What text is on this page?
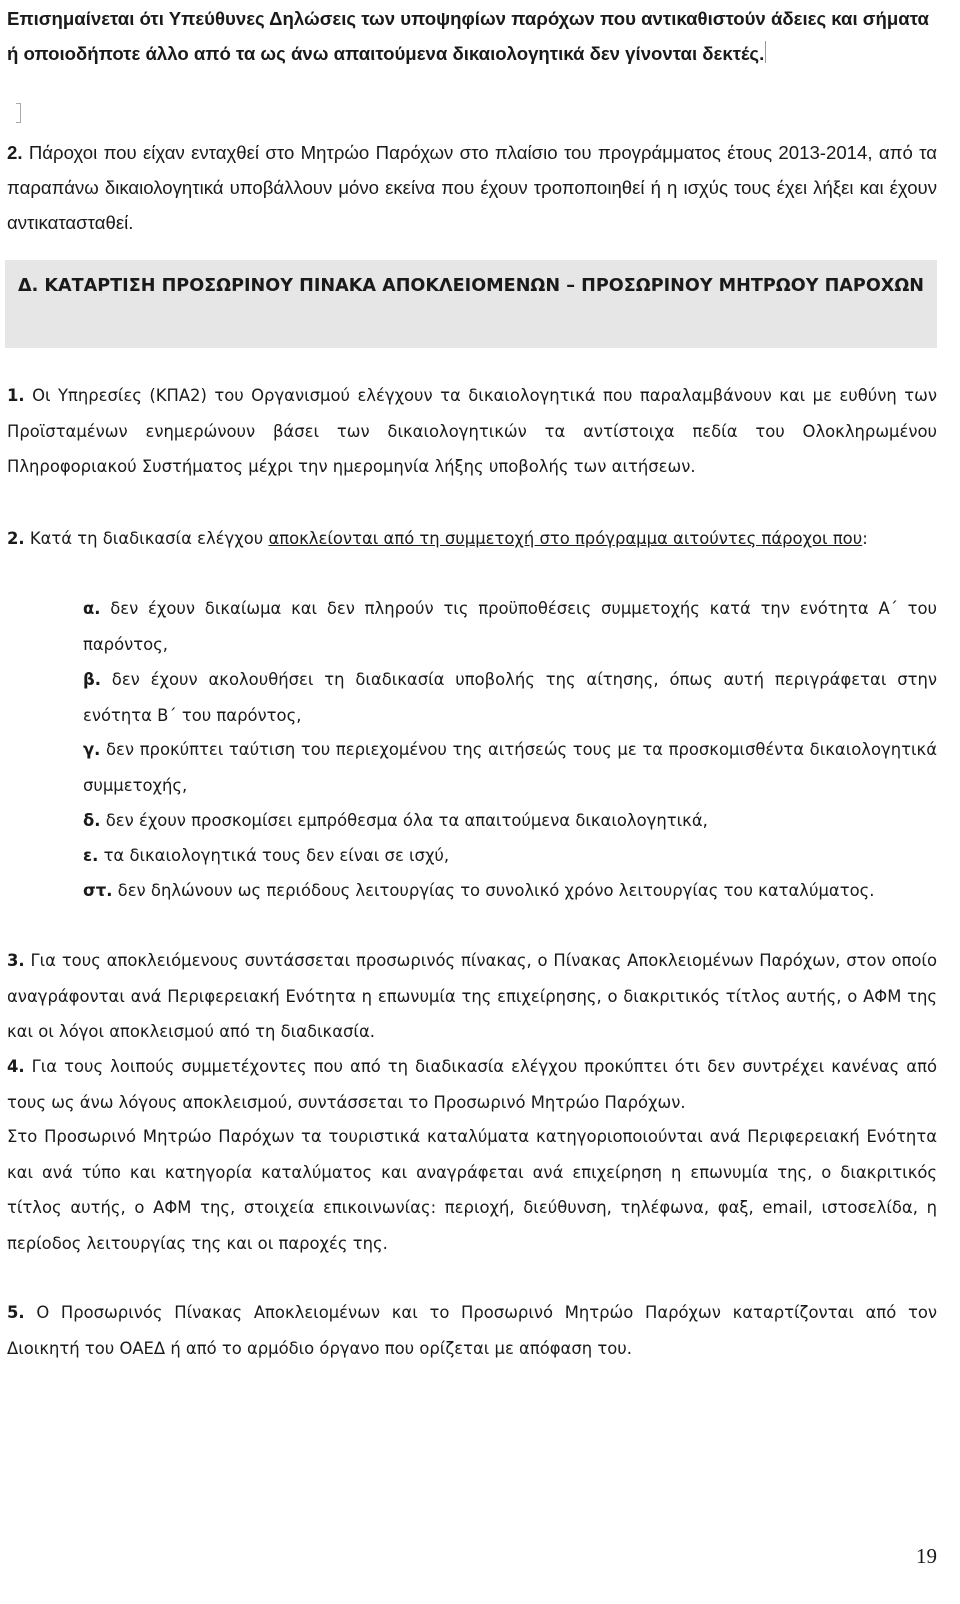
Επισημαίνεται ότι Υπεύθυνες Δηλώσεις των υποψηφίων παρόχων που αντικαθιστούν άδειες και σήματα ή οποιοδήποτε άλλο από τα ως άνω απαιτούμενα δικαιολογητικά δεν γίνονται δεκτές.

2. Πάροχοι που είχαν ενταχθεί στο Μητρώο Παρόχων στο πλαίσιο του προγράμματος έτους 2013-2014, από τα παραπάνω δικαιολογητικά υποβάλλουν μόνο εκείνα που έχουν τροποποιηθεί ή η ισχύς τους έχει λήξει και έχουν αντικατασταθεί.

Δ. ΚΑΤΑΡΤΙΣΗ ΠΡΟΣΩΡΙΝΟΥ ΠΙΝΑΚΑ ΑΠΟΚΛΕΙΟΜΕΝΩΝ – ΠΡΟΣΩΡΙΝΟΥ ΜΗΤΡΩΟΥ ΠΑΡΟΧΩΝ

1. Οι Υπηρεσίες (ΚΠΑ2) του Οργανισμού ελέγχουν τα δικαιολογητικά που παραλαμβάνουν και με ευθύνη των Προϊσταμένων ενημερώνουν βάσει των δικαιολογητικών τα αντίστοιχα πεδία του Ολοκληρωμένου Πληροφοριακού Συστήματος μέχρι την ημερομηνία λήξης υποβολής των αιτήσεων.

2. Κατά τη διαδικασία ελέγχου αποκλείονται από τη συμμετοχή στο πρόγραμμα αιτούντες πάροχοι που:

α. δεν έχουν δικαίωμα και δεν πληρούν τις προϋποθέσεις συμμετοχής κατά την ενότητα Α΄ του παρόντος,

β. δεν έχουν ακολουθήσει τη διαδικασία υποβολής της αίτησης, όπως αυτή περιγράφεται στην ενότητα Β΄ του παρόντος,

γ. δεν προκύπτει ταύτιση του περιεχομένου της αιτήσεώς τους με τα προσκομισθέντα δικαιολογητικά συμμετοχής,

δ. δεν έχουν προσκομίσει εμπρόθεσμα όλα τα απαιτούμενα δικαιολογητικά,

ε. τα δικαιολογητικά τους δεν είναι σε ισχύ,

στ. δεν δηλώνουν ως περιόδους λειτουργίας το συνολικό χρόνο λειτουργίας του καταλύματος.

3. Για τους αποκλειόμενους συντάσσεται προσωρινός πίνακας, ο Πίνακας Αποκλειομένων Παρόχων, στον οποίο αναγράφονται ανά Περιφερειακή Ενότητα η επωνυμία της επιχείρησης, ο διακριτικός τίτλος αυτής, ο ΑΦΜ της και οι λόγοι αποκλεισμού από τη διαδικασία.

4. Για τους λοιπούς συμμετέχοντες που από τη διαδικασία ελέγχου προκύπτει ότι δεν συντρέχει κανένας από τους ως άνω λόγους αποκλεισμού, συντάσσεται το Προσωρινό Μητρώο Παρόχων.

Στο Προσωρινό Μητρώο Παρόχων τα τουριστικά καταλύματα κατηγοριοποιούνται ανά Περιφερειακή Ενότητα και ανά τύπο και κατηγορία καταλύματος και αναγράφεται ανά επιχείρηση η επωνυμία της, ο διακριτικός τίτλος αυτής, ο ΑΦΜ της, στοιχεία επικοινωνίας: περιοχή, διεύθυνση, τηλέφωνα, φαξ, email, ιστοσελίδα, η περίοδος λειτουργίας της και οι παροχές της.

5. Ο Προσωρινός Πίνακας Αποκλειομένων και το Προσωρινό Μητρώο Παρόχων καταρτίζονται από τον Διοικητή του ΟΑΕΔ ή από το αρμόδιο όργανο που ορίζεται με απόφαση του.

19
